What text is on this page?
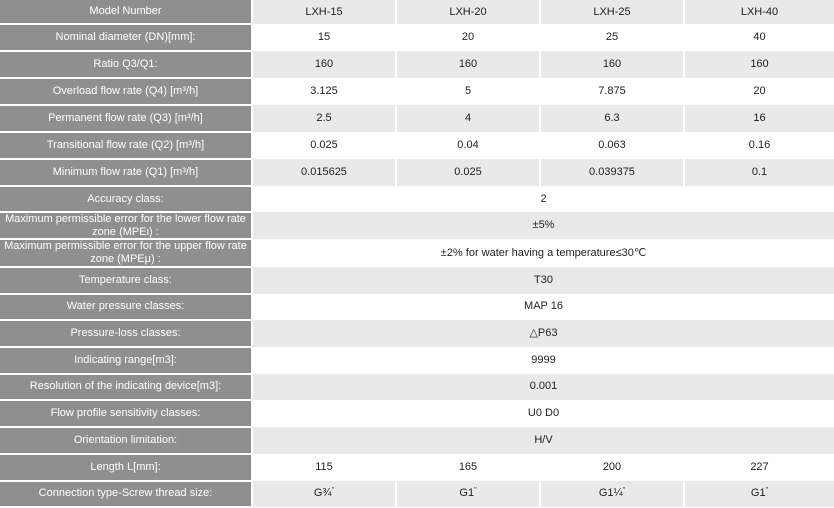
Model Number	LXH-15	LXH-20	LXH-25	LXH-40
Nominal diameter (DN)[mm]:	15	20	25	40
Ratio Q3/Q1:	160	160	160	160
Overload flow rate (Q4) [m³/h]	3.125	5	7.875	20
Permanent flow rate (Q3) [m³/h]	2.5	4	6.3	16
Transitional flow rate (Q2) [m³/h]	0.025	0.04	0.063	0.16
Minimum flow rate (Q1) [m³/h]	0.015625	0.025	0.039375	0.1
Accuracy class:	2			
Maximum permissible error for the lower flow rate zone (MPEι) :	±5%			
Maximum permissible error for the upper flow rate zone (MPEμ) :	±2% for water having a temperature≤30℃			
Temperature class:	T30			
Water pressure classes:	MAP 16			
Pressure-loss classes:	△P63			
Indicating range[m3]:	9999			
Resolution of the indicating device[m3]:	0.001			
Flow profile sensitivity classes:	U0 D0			
Orientation limitation:	H/V			
Length L[mm]:	115	165	200	227
Connection type-Screw thread size:	G¾"	G1"	G1¼"	G1"
